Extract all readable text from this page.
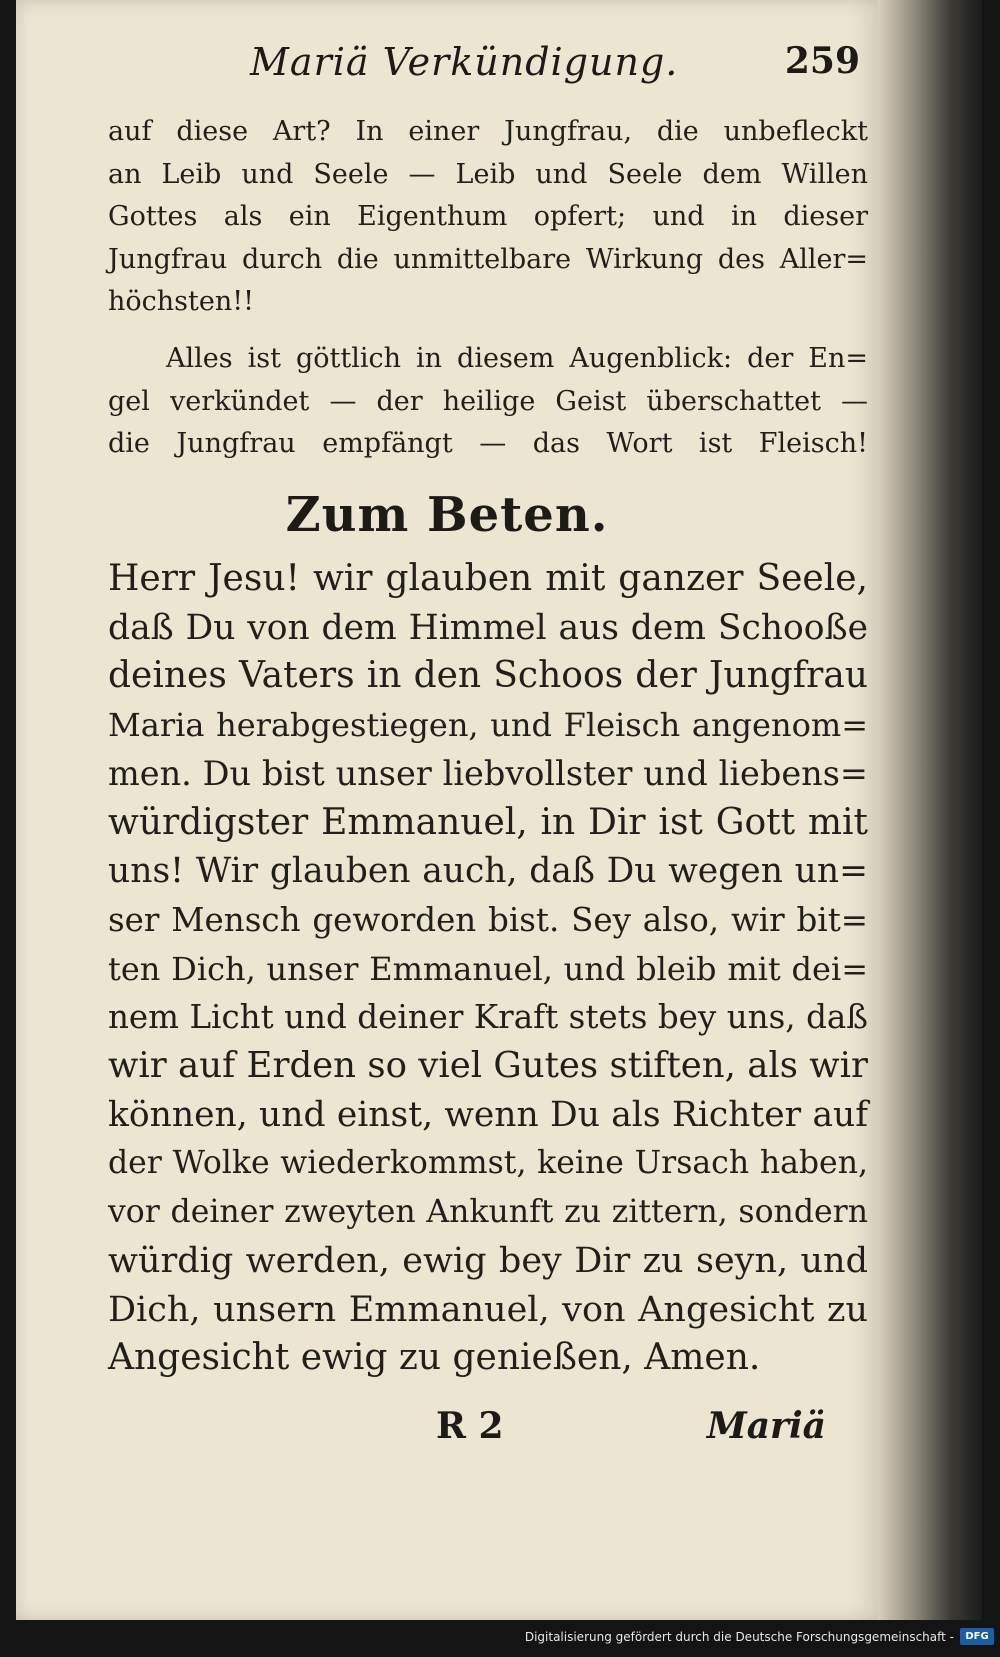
Mariä Verkündigung.	259
auf diese Art? In einer Jungfrau, die unbefleckt
an Leib und Seele — Leib und Seele dem Willen
Gottes als ein Eigenthum opfert; und in dieser
Jungfrau durch die unmittelbare Wirkung des Aller=
höchsten!!
Alles ist göttlich in diesem Augenblick: der En=
gel verkündet — der heilige Geist überschattet —
die Jungfrau empfängt — das Wort ist Fleisch!
Zum Beten.
Herr Jesu! wir glauben mit ganzer Seele,
daß Du von dem Himmel aus dem Schooße
deines Vaters in den Schoos der Jungfrau
Maria herabgestiegen, und Fleisch angenom=
men. Du bist unser liebvollster und liebens=
würdigster Emmanuel, in Dir ist Gott mit
uns! Wir glauben auch, daß Du wegen un=
ser Mensch geworden bist. Sey also, wir bit=
ten Dich, unser Emmanuel, und bleib mit dei=
nem Licht und deiner Kraft stets bey uns, daß
wir auf Erden so viel Gutes stiften, als wir
können, und einst, wenn Du als Richter auf
der Wolke wiederkommst, keine Ursach haben,
vor deiner zweyten Ankunft zu zittern, sondern
würdig werden, ewig bey Dir zu seyn, und
Dich, unsern Emmanuel, von Angesicht zu
Angesicht ewig zu genießen, Amen.
R 2	Mariä
Digitalisierung gefördert durch die Deutsche Forschungsgemeinschaft -	DFG
